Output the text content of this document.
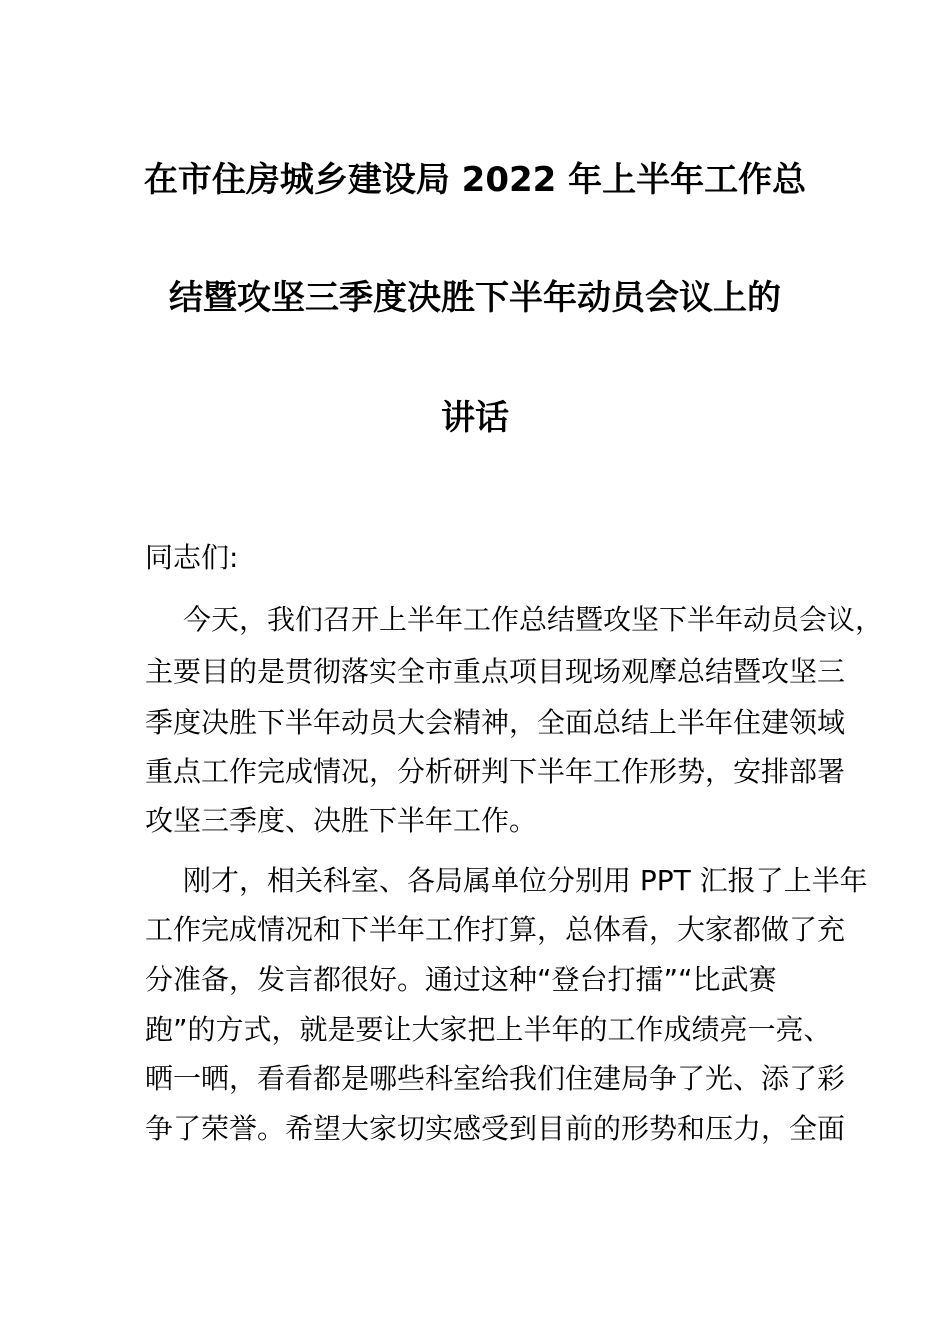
在市住房城乡建设局 2022 年上半年工作总
结暨攻坚三季度决胜下半年动员会议上的
讲话
同志们:
今天，我们召开上半年工作总结暨攻坚下半年动员会议，
主要目的是贯彻落实全市重点项目现场观摩总结暨攻坚三
季度决胜下半年动员大会精神，全面总结上半年住建领域
重点工作完成情况，分析研判下半年工作形势，安排部署
攻坚三季度、决胜下半年工作。
刚才，相关科室、各局属单位分别用 PPT 汇报了上半年
工作完成情况和下半年工作打算，总体看，大家都做了充
分准备，发言都很好。通过这种“登台打擂”“比武赛
跑”的方式，就是要让大家把上半年的工作成绩亮一亮、
晒一晒，看看都是哪些科室给我们住建局争了光、添了彩
争了荣誉。希望大家切实感受到目前的形势和压力，全面
